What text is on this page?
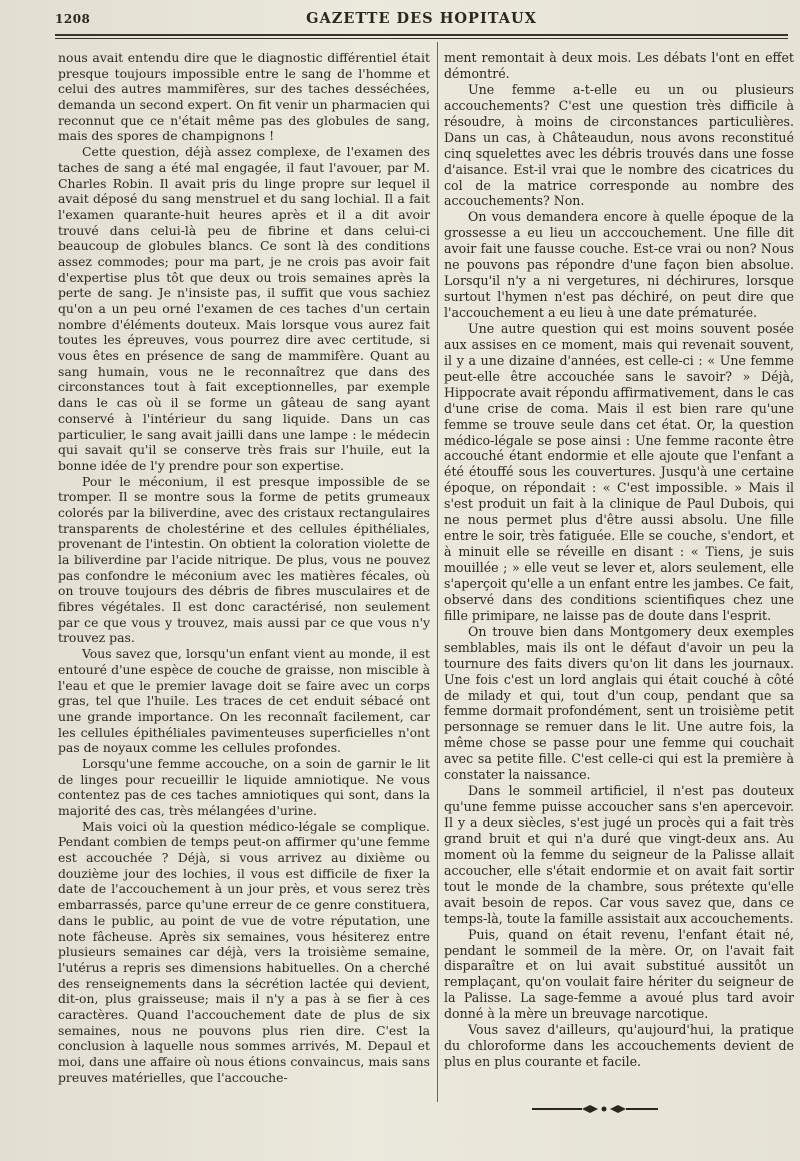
1208	GAZETTE DES HOPITAUX

nous avait entendu dire que le diagnostic différentiel était presque toujours impossible entre le sang de l'homme et celui des autres mammifères, sur des taches desséchées, demanda un second expert. On fit venir un pharmacien qui reconnut que ce n'était même pas des globules de sang, mais des spores de champignons !

Cette question, déjà assez complexe, de l'examen des taches de sang a été mal engagée, il faut l'avouer, par M. Charles Robin. Il avait pris du linge propre sur lequel il avait déposé du sang menstruel et du sang lochial. Il a fait l'examen quarante-huit heures après et il a dit avoir trouvé dans celui-là peu de fibrine et dans celui-ci beaucoup de globules blancs. Ce sont là des conditions assez commodes; pour ma part, je ne crois pas avoir fait d'expertise plus tôt que deux ou trois semaines après la perte de sang. Je n'insiste pas, il suffit que vous sachiez qu'on a un peu orné l'examen de ces taches d'un certain nombre d'éléments douteux. Mais lorsque vous aurez fait toutes les épreuves, vous pourrez dire avec certitude, si vous êtes en présence de sang de mammifère. Quant au sang humain, vous ne le reconnaîtrez que dans des circonstances tout à fait exceptionnelles, par exemple dans le cas où il se forme un gâteau de sang ayant conservé à l'intérieur du sang liquide. Dans un cas particulier, le sang avait jailli dans une lampe : le médecin qui savait qu'il se conserve très frais sur l'huile, eut la bonne idée de l'y prendre pour son expertise.

Pour le méconium, il est presque impossible de se tromper. Il se montre sous la forme de petits grumeaux colorés par la biliverdine, avec des cristaux rectangulaires transparents de cholestérine et des cellules épithéliales, provenant de l'intestin. On obtient la coloration violette de la biliverdine par l'acide nitrique. De plus, vous ne pouvez pas confondre le méconium avec les matières fécales, où on trouve toujours des débris de fibres musculaires et de fibres végétales. Il est donc caractérisé, non seulement par ce que vous y trouvez, mais aussi par ce que vous n'y trouvez pas.

Vous savez que, lorsqu'un enfant vient au monde, il est entouré d'une espèce de couche de graisse, non miscible à l'eau et que le premier lavage doit se faire avec un corps gras, tel que l'huile. Les traces de cet enduit sébacé ont une grande importance. On les reconnaît facilement, car les cellules épithéliales pavimenteuses superficielles n'ont pas de noyaux comme les cellules profondes.

Lorsqu'une femme accouche, on a soin de garnir le lit de linges pour recueillir le liquide amniotique. Ne vous contentez pas de ces taches amniotiques qui sont, dans la majorité des cas, très mélangées d'urine.

Mais voici où la question médico-légale se complique. Pendant combien de temps peut-on affirmer qu'une femme est accouchée ? Déjà, si vous arrivez au dixième ou douzième jour des lochies, il vous est difficile de fixer la date de l'accouchement à un jour près, et vous serez très embarrassés, parce qu'une erreur de ce genre constituera, dans le public, au point de vue de votre réputation, une note fâcheuse. Après six semaines, vous hésiterez entre plusieurs semaines car déjà, vers la troisième semaine, l'utérus a repris ses dimensions habituelles. On a cherché des renseignements dans la sécrétion lactée qui devient, dit-on, plus graisseuse; mais il n'y a pas à se fier à ces caractères. Quand l'accouchement date de plus de six semaines, nous ne pouvons plus rien dire. C'est la conclusion à laquelle nous sommes arrivés, M. Depaul et moi, dans une affaire où nous étions convaincus, mais sans preuves matérielles, que l'accouche-

ment remontait à deux mois. Les débats l'ont en effet démontré.

Une femme a-t-elle eu un ou plusieurs accouchements? C'est une question très difficile à résoudre, à moins de circonstances particulières. Dans un cas, à Châteaudun, nous avons reconstitué cinq squelettes avec les débris trouvés dans une fosse d'aisance. Est-il vrai que le nombre des cicatrices du col de la matrice corresponde au nombre des accouchements? Non.

On vous demandera encore à quelle époque de la grossesse a eu lieu un acccouchement. Une fille dit avoir fait une fausse couche. Est-ce vrai ou non? Nous ne pouvons pas répondre d'une façon bien absolue. Lorsqu'il n'y a ni vergetures, ni déchirures, lorsque surtout l'hymen n'est pas déchiré, on peut dire que l'accouchement a eu lieu à une date prématurée.

Une autre question qui est moins souvent posée aux assises en ce moment, mais qui revenait souvent, il y a une dizaine d'années, est celle-ci : « Une femme peut-elle être accouchée sans le savoir? » Déjà, Hippocrate avait répondu affirmativement, dans le cas d'une crise de coma. Mais il est bien rare qu'une femme se trouve seule dans cet état. Or, la question médico-légale se pose ainsi : Une femme raconte être accouché étant endormie et elle ajoute que l'enfant a été étouffé sous les couvertures. Jusqu'à une certaine époque, on répondait : « C'est impossible. » Mais il s'est produit un fait à la clinique de Paul Dubois, qui ne nous permet plus d'être aussi absolu. Une fille entre le soir, très fatiguée. Elle se couche, s'endort, et à minuit elle se réveille en disant : « Tiens, je suis mouillée ; » elle veut se lever et, alors seulement, elle s'aperçoit qu'elle a un enfant entre les jambes. Ce fait, observé dans des conditions scientifiques chez une fille primipare, ne laisse pas de doute dans l'esprit.

On trouve bien dans Montgomery deux exemples semblables, mais ils ont le défaut d'avoir un peu la tournure des faits divers qu'on lit dans les journaux. Une fois c'est un lord anglais qui était couché à côté de milady et qui, tout d'un coup, pendant que sa femme dormait profondément, sent un troisième petit personnage se remuer dans le lit. Une autre fois, la même chose se passe pour une femme qui couchait avec sa petite fille. C'est celle-ci qui est la première à constater la naissance.

Dans le sommeil artificiel, il n'est pas douteux qu'une femme puisse accoucher sans s'en apercevoir. Il y a deux siècles, s'est jugé un procès qui a fait très grand bruit et qui n'a duré que vingt-deux ans. Au moment où la femme du seigneur de la Palisse allait accoucher, elle s'était endormie et on avait fait sortir tout le monde de la chambre, sous prétexte qu'elle avait besoin de repos. Car vous savez que, dans ce temps-là, toute la famille assistait aux accouchements.

Puis, quand on était revenu, l'enfant était né, pendant le sommeil de la mère. Or, on l'avait fait disparaître et on lui avait substitué aussitôt un remplaçant, qu'on voulait faire hériter du seigneur de la Palisse. La sage-femme a avoué plus tard avoir donné à la mère un breuvage narcotique.

Vous savez d'ailleurs, qu'aujourd'hui, la pratique du chloroforme dans les accouchements devient de plus en plus courante et facile.
